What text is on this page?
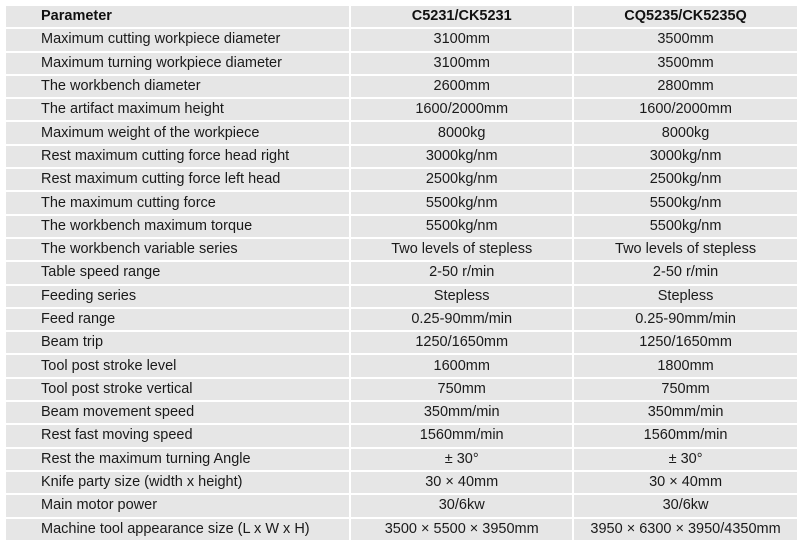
Parameter	C5231/CK5231	CQ5235/CK5235Q
Maximum cutting workpiece diameter	3100mm	3500mm
Maximum turning workpiece diameter	3100mm	3500mm
The workbench diameter	2600mm	2800mm
The artifact maximum height	1600/2000mm	1600/2000mm
Maximum weight of the workpiece	8000kg	8000kg
Rest maximum cutting force head right	3000kg/nm	3000kg/nm
Rest maximum cutting force left head	2500kg/nm	2500kg/nm
The maximum cutting force	5500kg/nm	5500kg/nm
The workbench maximum torque	5500kg/nm	5500kg/nm
The workbench variable series	Two levels of stepless	Two levels of stepless
Table speed range	2-50 r/min	2-50 r/min
Feeding series	Stepless	Stepless
Feed range	0.25-90mm/min	0.25-90mm/min
Beam trip	1250/1650mm	1250/1650mm
Tool post stroke level	1600mm	1800mm
Tool post stroke vertical	750mm	750mm
Beam movement speed	350mm/min	350mm/min
Rest fast moving speed	1560mm/min	1560mm/min
Rest the maximum turning Angle	± 30°	± 30°
Knife party size (width x height)	30 × 40mm	30 × 40mm
Main motor power	30/6kw	30/6kw
Machine tool appearance size (L x W x H)	3500 × 5500 × 3950mm	3950 × 6300 × 3950/4350mm
